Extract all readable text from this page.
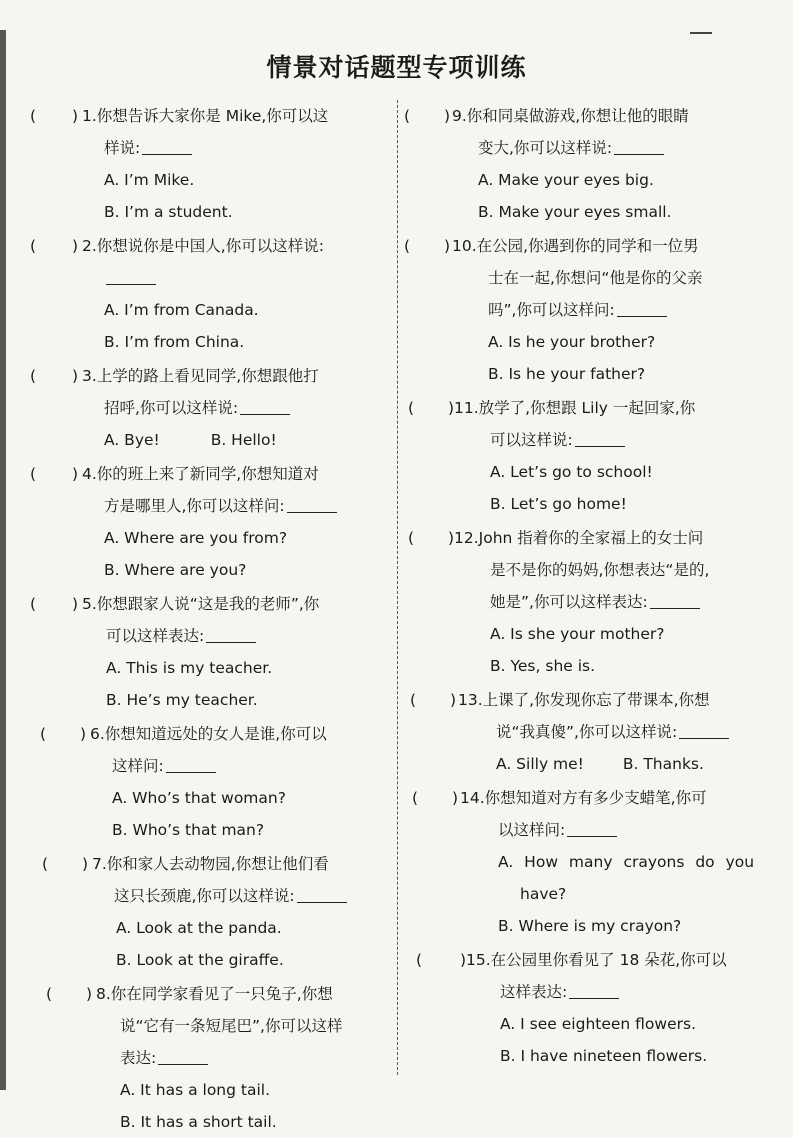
情景对话题型专项训练
( ) 1.你想告诉大家你是 Mike,你可以这
样说:
A. I’m Mike. B. I’m a student.
( ) 2.你想说你是中国人,你可以这样说:
A. I’m from Canada.
B. I’m from China.
( ) 3.上学的路上看见同学,你想跟他打
招呼,你可以这样说:
A. Bye!	B. Hello!
( ) 4.你的班上来了新同学,你想知道对
方是哪里人,你可以这样问:
A. Where are you from?
B. Where are you?
( ) 5.你想跟家人说“这是我的老师”,你
可以这样表达:
A. This is my teacher.
B. He’s my teacher.
( ) 6.你想知道远处的女人是谁,你可以
这样问:
A. Who’s that woman?
B. Who’s that man?
( ) 7.你和家人去动物园,你想让他们看
这只长颈鹿,你可以这样说:
A. Look at the panda.
B. Look at the giraffe.
( ) 8.你在同学家看见了一只兔子,你想
说“它有一条短尾巴”,你可以这样
表达:
A. It has a long tail.
B. It has a short tail.
( ) 9.你和同桌做游戏,你想让他的眼睛
变大,你可以这样说:
A. Make your eyes big.
B. Make your eyes small.
( ) 10.在公园,你遇到你的同学和一位男
士在一起,你想问“他是你的父亲
吗”,你可以这样问:
A. Is he your brother?
B. Is he your father?
( ) 11.放学了,你想跟 Lily 一起回家,你
可以这样说:
A. Let’s go to school!
B. Let’s go home!
( ) 12.John 指着你的全家福上的女士问
是不是你的妈妈,你想表达“是的,
她是”,你可以这样表达:
A. Is she your mother?
B. Yes, she is.
( ) 13.上课了,你发现你忘了带课本,你想
说“我真傻”,你可以这样说:
A. Silly me!	B. Thanks.
( ) 14.你想知道对方有多少支蜡笔,你可
以这样问:
A. How many crayons do you
have?
B. Where is my crayon?
( ) 15.在公园里你看见了 18 朵花,你可以
这样表达:
A. I see eighteen flowers.
B. I have nineteen flowers.
